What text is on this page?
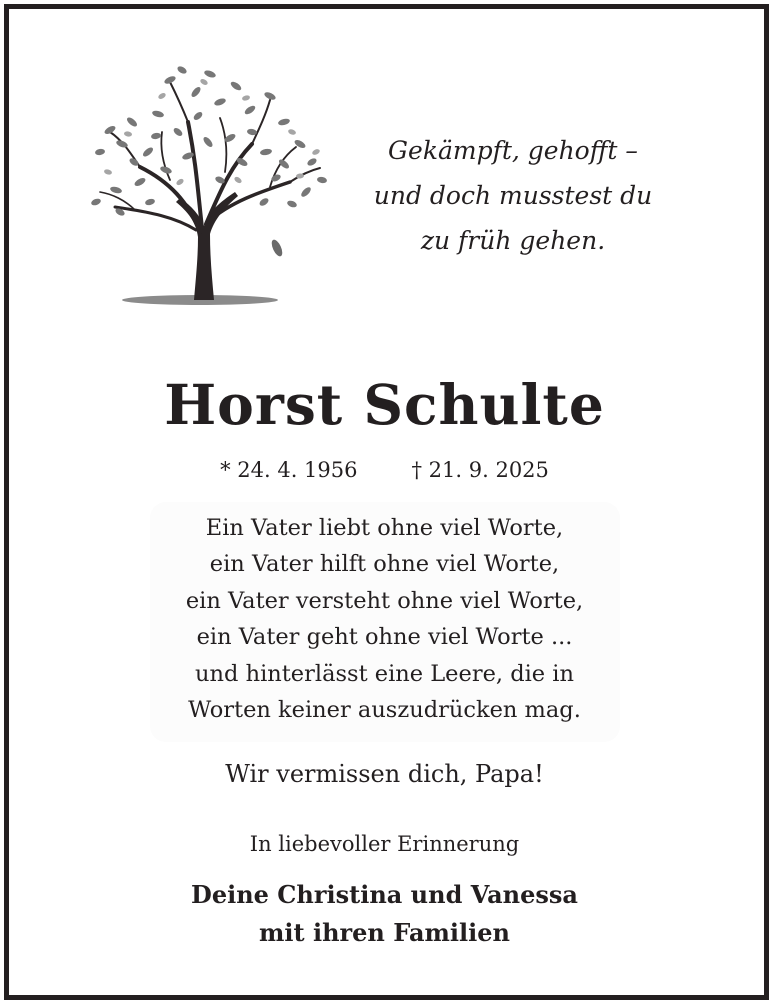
Gekämpft, gehofft –
und doch musstest du
zu früh gehen.
Horst Schulte
* 24. 4. 1956	† 21. 9. 2025
Ein Vater liebt ohne viel Worte,
ein Vater hilft ohne viel Worte,
ein Vater versteht ohne viel Worte,
ein Vater geht ohne viel Worte ...
und hinterlässt eine Leere, die in
Worten keiner auszudrücken mag.
Wir vermissen dich, Papa!
In liebevoller Erinnerung
Deine Christina und Vanessa
mit ihren Familien
